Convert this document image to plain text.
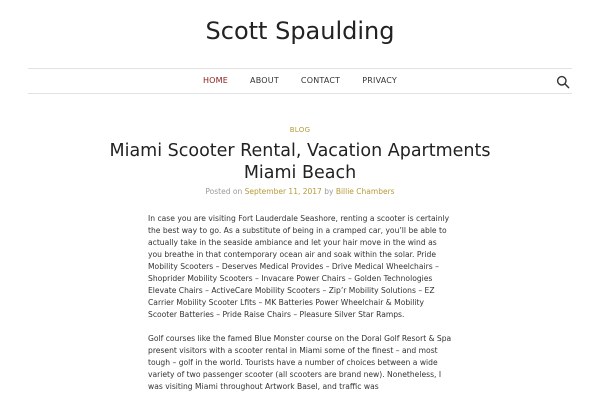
Scott Spaulding
HOME	ABOUT	CONTACT	PRIVACY
BLOG
Miami Scooter Rental, Vacation Apartments Miami Beach
Posted on September 11, 2017 by Billie Chambers

In case you are visiting Fort Lauderdale Seashore, renting a scooter is certainly the best way to go. As a substitute of being in a cramped car, you’ll be able to actually take in the seaside ambiance and let your hair move in the wind as you breathe in that contemporary ocean air and soak within the solar. Pride Mobility Scooters – Deserves Medical Provides – Drive Medical Wheelchairs – Shoprider Mobility Scooters – Invacare Power Chairs – Golden Technologies Elevate Chairs – ActiveCare Mobility Scooters – Zip’r Mobility Solutions – EZ Carrier Mobility Scooter Lfits – MK Batteries Power Wheelchair & Mobility Scooter Batteries – Pride Raise Chairs – Pleasure Silver Star Ramps.

Golf courses like the famed Blue Monster course on the Doral Golf Resort & Spa present visitors with a scooter rental in Miami some of the finest – and most tough – golf in the world. Tourists have a number of choices between a wide variety of two passenger scooter (all scooters are brand new). Nonetheless, I was visiting Miami throughout Artwork Basel, and traffic was
